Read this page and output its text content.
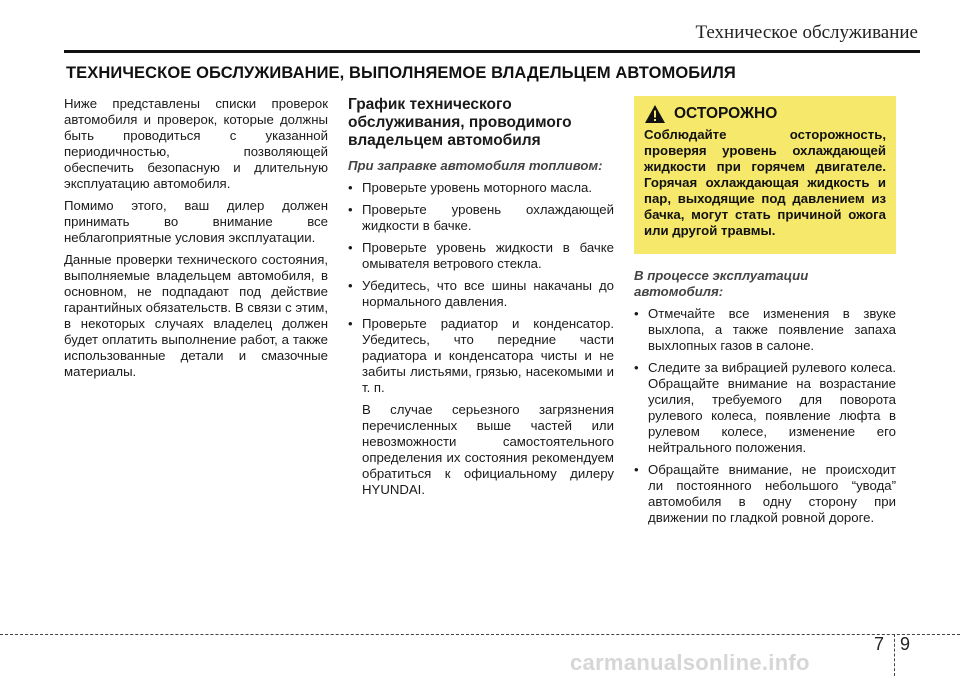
Техническое обслуживание
ТЕХНИЧЕСКОЕ ОБСЛУЖИВАНИЕ, ВЫПОЛНЯЕМОЕ ВЛАДЕЛЬЦЕМ АВТОМОБИЛЯ

Ниже представлены списки проверок автомобиля и проверок, которые должны быть проводиться с указанной периодичностью, позволяющей обеспечить безопасную и длительную эксплуатацию автомобиля.

Помимо этого, ваш дилер должен принимать во внимание все неблагоприятные условия эксплуатации.

Данные проверки технического состояния, выполняемые владельцем автомобиля, в основном, не подпадают под действие гарантийных обязательств. В связи с этим, в некоторых случаях владелец должен будет оплатить выполнение работ, а также использованные детали и смазочные материалы.

График технического обслуживания, проводимого владельцем автомобиля
При заправке автомобиля топливом:
• Проверьте уровень моторного масла.
• Проверьте уровень охлаждающей жидкости в бачке.
• Проверьте уровень жидкости в бачке омывателя ветрового стекла.
• Убедитесь, что все шины накачаны до нормального давления.
• Проверьте радиатор и конденсатор. Убедитесь, что передние части радиатора и конденсатора чисты и не забиты листьями, грязью, насекомыми и т. п.
В случае серьезного загрязнения перечисленных выше частей или невозможности самостоятельного определения их состояния рекомендуем обратиться к официальному дилеру HYUNDAI.
ОСТОРОЖНО
Соблюдайте осторожность, проверяя уровень охлаждающей жидкости при горячем двигателе. Горячая охлаждающая жидкость и пар, выходящие под давлением из бачка, могут стать причиной ожога или другой травмы.
В процессе эксплуатации автомобиля:
• Отмечайте все изменения в звуке выхлопа, а также появление запаха выхлопных газов в салоне.
• Следите за вибрацией рулевого колеса. Обращайте внимание на возрастание усилия, требуемого для поворота рулевого колеса, появление люфта в рулевом колесе, изменение его нейтрального положения.
• Обращайте внимание, не происходит ли постоянного небольшого “увода” автомобиля в одну сторону при движении по гладкой ровной дороге.
7 9
carmanualsonline.info
